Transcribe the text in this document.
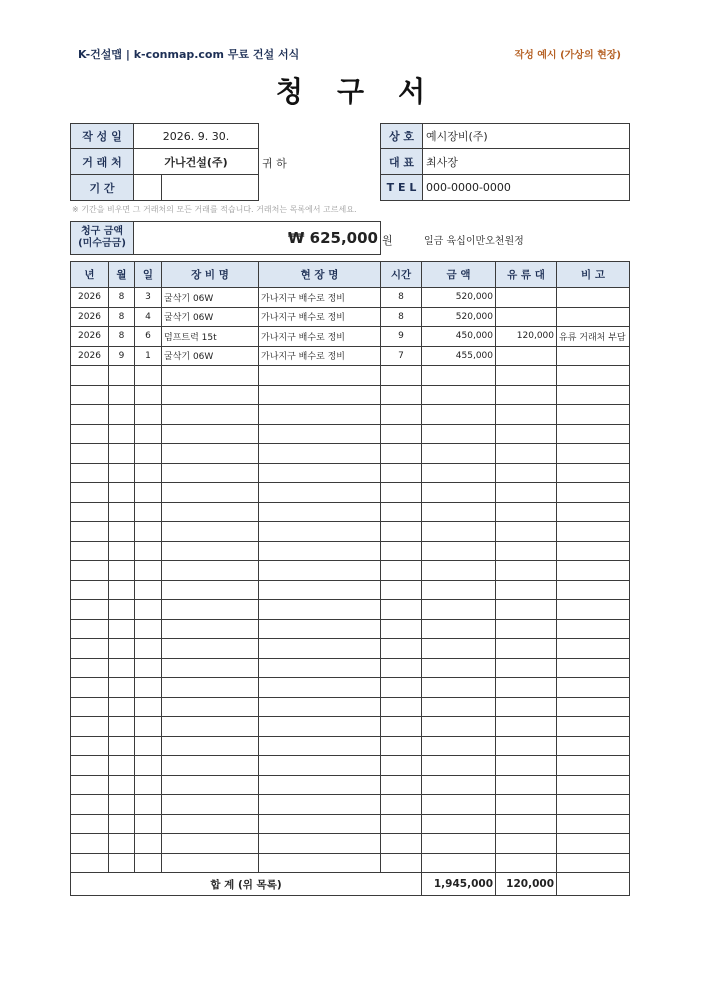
K-건설맵 | k-conmap.com 무료 건설 서식	작성 예시 (가상의 현장)
청구서
작 성 일	2026. 9. 30.
거 래 처	가나건설(주)	귀 하
기 간
상 호	예시장비(주)
대 표	최사장
T E L 000-0000-0000
※ 기간을 비우면 그 거래처의 모든 거래를 적습니다. 거래처는 목록에서 고르세요.
청구 금액
(미수금금)	₩ 625,000 원	일금 육십이만오천원정
년	월	일	장 비 명	현 장 명	시간	금 액	유 류 대	비 고
2026	8	3	굴삭기 06W	가나지구 배수로 정비	8	520,000		
2026	8	4	굴삭기 06W	가나지구 배수로 정비	8	520,000		
2026	8	6	덤프트럭 15t	가나지구 배수로 정비	9	450,000	120,000	유류 거래처 부담
2026	9	1	굴삭기 06W	가나지구 배수로 정비	7	455,000		

합 계 (위 목록)						1,945,000	120,000	
